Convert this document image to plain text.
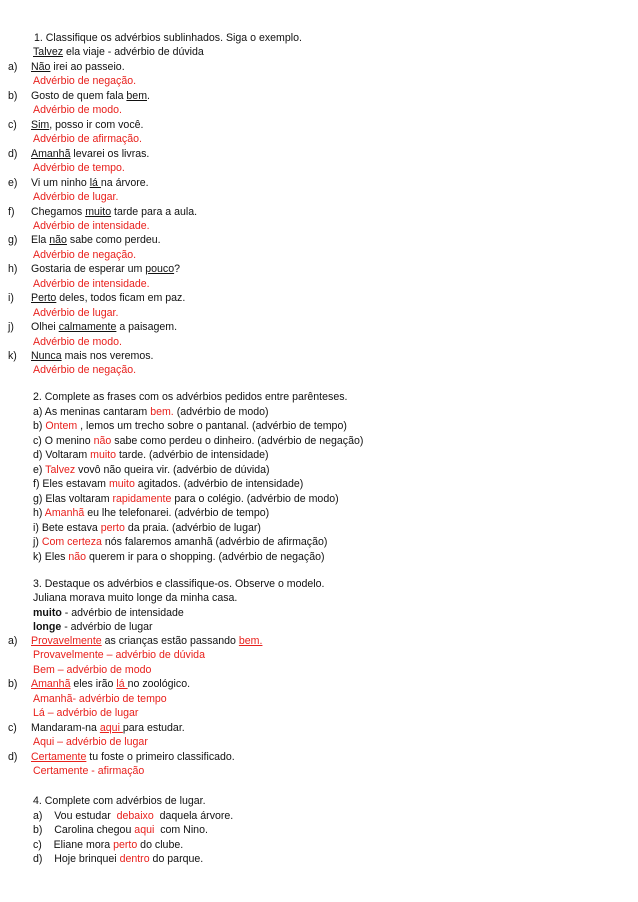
1. Classifique os advérbios sublinhados. Siga o exemplo.
Talvez ela viaje - advérbio de dúvida
a) Não irei ao passeio.
Advérbio de negação.
b) Gosto de quem fala bem.
Advérbio de modo.
c) Sim, posso ir com você.
Advérbio de afirmação.
d) Amanhã levarei os livras.
Advérbio de tempo.
e) Vi um ninho lá na árvore.
Advérbio de lugar.
f) Chegamos muito tarde para a aula.
Advérbio de intensidade.
g) Ela não sabe como perdeu.
Advérbio de negação.
h) Gostaria de esperar um pouco?
Advérbio de intensidade.
i) Perto deles, todos ficam em paz.
Advérbio de lugar.
j) Olhei calmamente a paisagem.
Advérbio de modo.
k) Nunca mais nos veremos.
Advérbio de negação.
2. Complete as frases com os advérbios pedidos entre parênteses.
a) As meninas cantaram bem. (advérbio de modo)
b) Ontem , lemos um trecho sobre o pantanal. (advérbio de tempo)
c) O menino não sabe como perdeu o dinheiro. (advérbio de negação)
d) Voltaram muito tarde. (advérbio de intensidade)
e) Talvez vovô não queira vir. (advérbio de dúvida)
f) Eles estavam muito agitados. (advérbio de intensidade)
g) Elas voltaram rapidamente para o colégio. (advérbio de modo)
h) Amanhã eu lhe telefonarei. (advérbio de tempo)
i) Bete estava perto da praia. (advérbio de lugar)
j) Com certeza nós falaremos amanhã (advérbio de afirmação)
k) Eles não querem ir para o shopping. (advérbio de negação)
3. Destaque os advérbios e classifique-os. Observe o modelo.
Juliana morava muito longe da minha casa.
muito - advérbio de intensidade
longe - advérbio de lugar
a) Provavelmente as crianças estão passando bem.
Provavelmente – advérbio de dúvida
Bem – advérbio de modo
b) Amanhã eles irão lá no zoológico.
Amanhã- advérbio de tempo
Lá – advérbio de lugar
c) Mandaram-na aqui para estudar.
Aqui – advérbio de lugar
d) Certamente tu foste o primeiro classificado.
Certamente - afirmação
4. Complete com advérbios de lugar.
a)    Vou estudar  debaixo  daquela árvore.
b)    Carolina chegou aqui  com Nino.
c)    Eliane mora perto do clube.
d)    Hoje brinquei dentro do parque.
